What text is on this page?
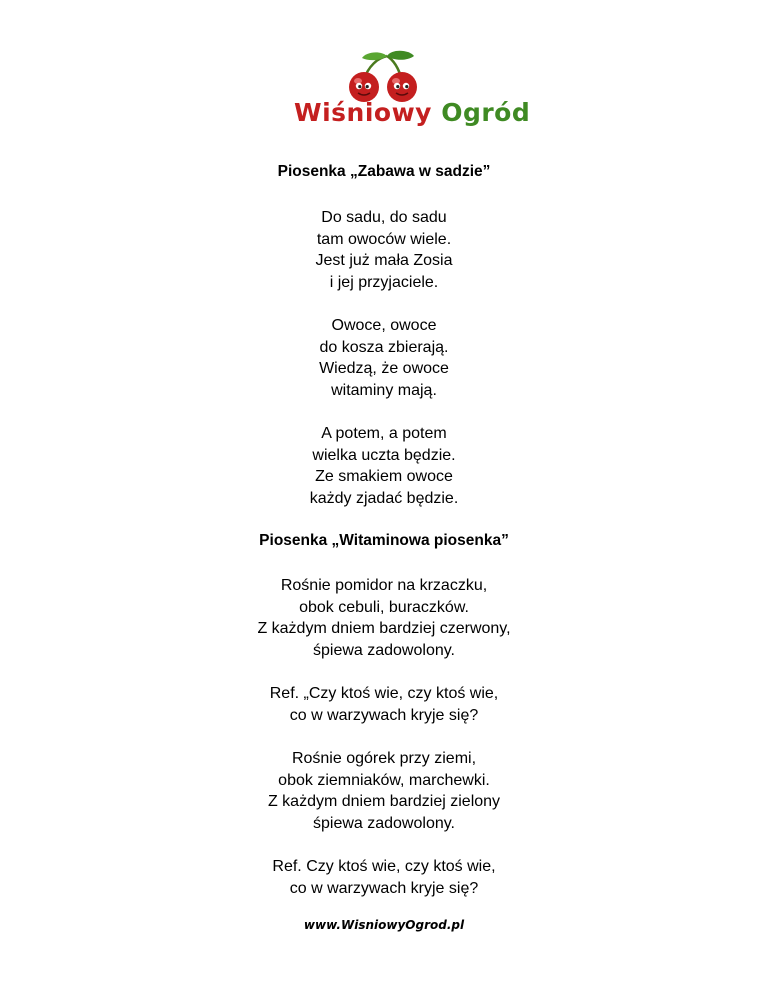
Wiśniowy Ogród

Piosenka „Zabawa w sadzie”

Do sadu, do sadu
tam owoców wiele.
Jest już mała Zosia
i jej przyjaciele.

Owoce, owoce
do kosza zbierają.
Wiedzą, że owoce
witaminy mają.

A potem, a potem
wielka uczta będzie.
Ze smakiem owoce
każdy zjadać będzie.

Piosenka „Witaminowa piosenka”

Rośnie pomidor na krzaczku,
obok cebuli, buraczków.
Z każdym dniem bardziej czerwony,
śpiewa zadowolony.

Ref. „Czy ktoś wie, czy ktoś wie,
co w warzywach kryje się?

Rośnie ogórek przy ziemi,
obok ziemniaków, marchewki.
Z każdym dniem bardziej zielony
śpiewa zadowolony.

Ref. Czy ktoś wie, czy ktoś wie,
co w warzywach kryje się?

www.WisniowyOgrod.pl
